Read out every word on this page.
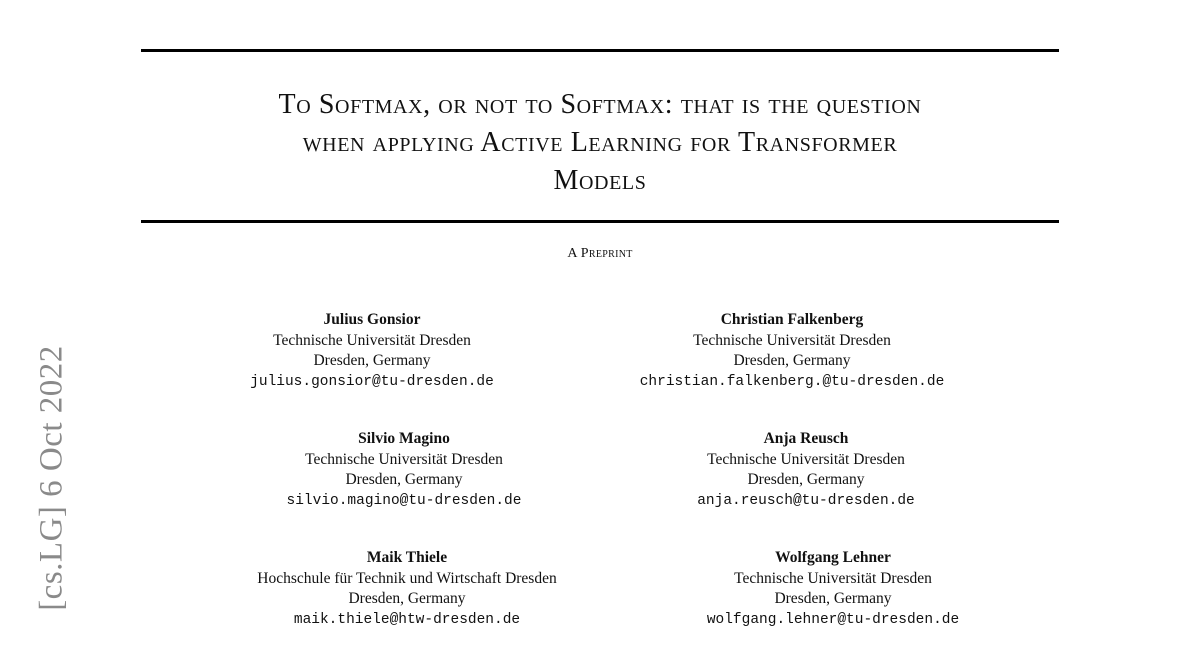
[cs.LG] 6 Oct 2022
To Softmax, or not to Softmax: that is the question
when applying Active Learning for Transformer
Models
A Preprint
Julius Gonsior
Technische Universität Dresden
Dresden, Germany
julius.gonsior@tu-dresden.de
Christian Falkenberg
Technische Universität Dresden
Dresden, Germany
christian.falkenberg.@tu-dresden.de
Silvio Magino
Technische Universität Dresden
Dresden, Germany
silvio.magino@tu-dresden.de
Anja Reusch
Technische Universität Dresden
Dresden, Germany
anja.reusch@tu-dresden.de
Maik Thiele
Hochschule für Technik und Wirtschaft Dresden
Dresden, Germany
maik.thiele@htw-dresden.de
Wolfgang Lehner
Technische Universität Dresden
Dresden, Germany
wolfgang.lehner@tu-dresden.de
